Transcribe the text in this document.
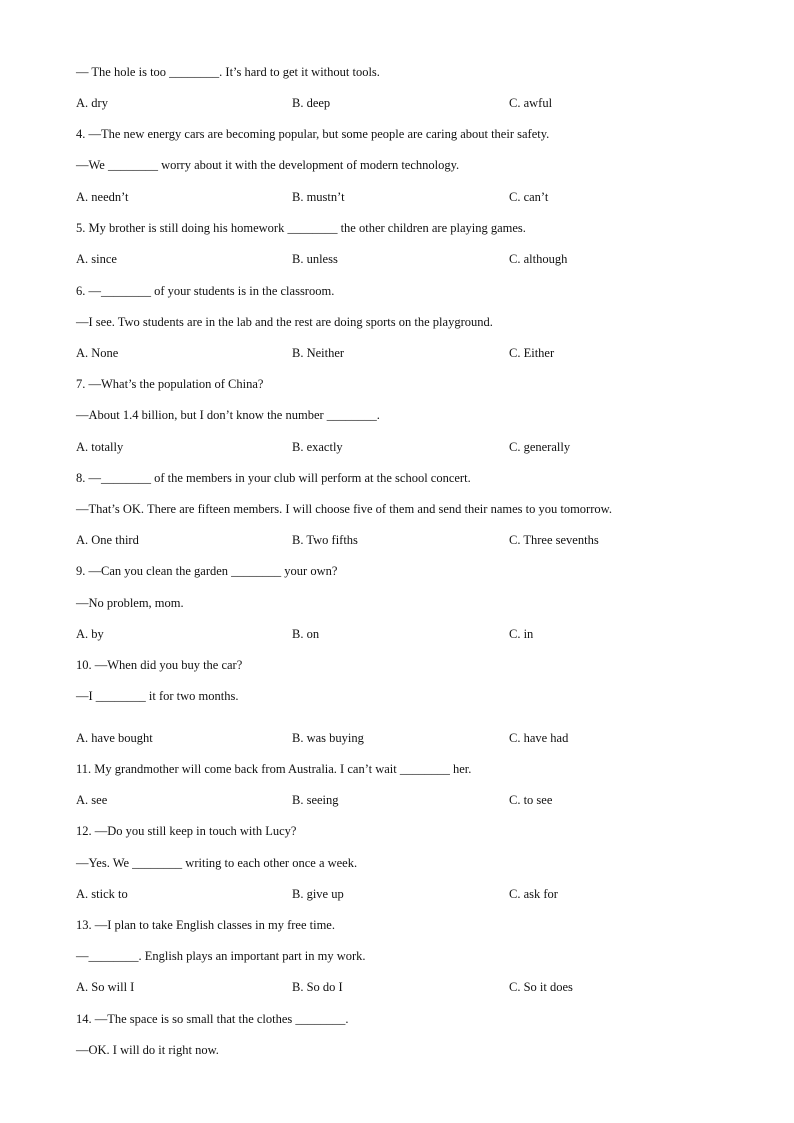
— The hole is too ________. It’s hard to get it without tools.
A. dry	B. deep	C. awful
4. —The new energy cars are becoming popular, but some people are caring about their safety.
—We ________ worry about it with the development of modern technology.
A. needn’t	B. mustn’t	C. can’t
5. My brother is still doing his homework ________ the other children are playing games.
A. since	B. unless	C. although
6. —________ of your students is in the classroom.
—I see. Two students are in the lab and the rest are doing sports on the playground.
A. None	B. Neither	C. Either
7. —What’s the population of China?
—About 1.4 billion, but I don’t know the number ________.
A. totally	B. exactly	C. generally
8. —________ of the members in your club will perform at the school concert.
—That’s OK. There are fifteen members. I will choose five of them and send their names to you tomorrow.
A. One third	B. Two fifths	C. Three sevenths
9. —Can you clean the garden ________ your own?
—No problem, mom.
A. by	B. on	C. in
10. —When did you buy the car?
—I ________ it for two months.
A. have bought	B. was buying	C. have had
11. My grandmother will come back from Australia. I can’t wait ________ her.
A. see	B. seeing	C. to see
12. —Do you still keep in touch with Lucy?
—Yes. We ________ writing to each other once a week.
A. stick to	B. give up	C. ask for
13. —I plan to take English classes in my free time.
—________. English plays an important part in my work.
A. So will I	B. So do I	C. So it does
14. —The space is so small that the clothes ________.
—OK. I will do it right now.
